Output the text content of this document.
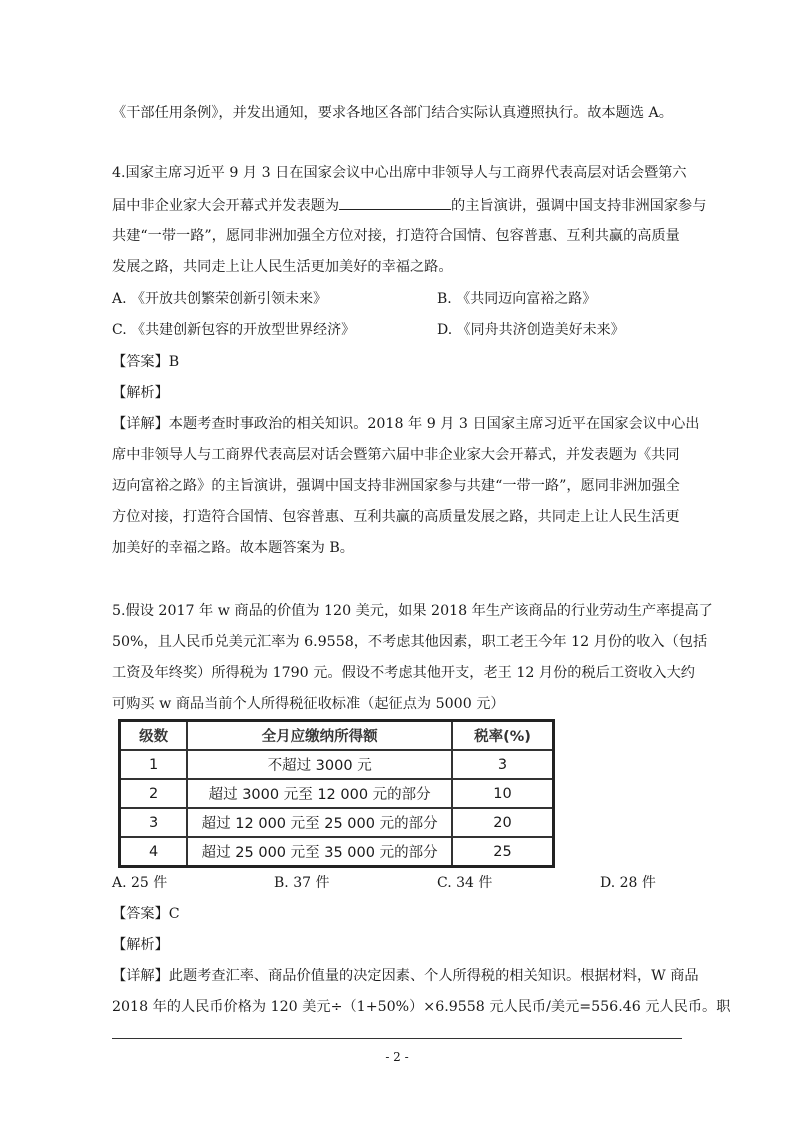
《干部任用条例》，并发出通知，要求各地区各部门结合实际认真遵照执行。故本题选 A。
4.国家主席习近平 9 月 3 日在国家会议中心出席中非领导人与工商界代表高层对话会暨第六
届中非企业家大会开幕式并发表题为	的主旨演讲，强调中国支持非洲国家参与
共建“一带一路”，愿同非洲加强全方位对接，打造符合国情、包容普惠、互利共赢的高质量
发展之路，共同走上让人民生活更加美好的幸福之路。
A. 《开放共创繁荣创新引领未来》	B. 《共同迈向富裕之路》
C. 《共建创新包容的开放型世界经济》	D. 《同舟共济创造美好未来》
【答案】B
【解析】
【详解】本题考查时事政治的相关知识。2018 年 9 月 3 日国家主席习近平在国家会议中心出
席中非领导人与工商界代表高层对话会暨第六届中非企业家大会开幕式，并发表题为《共同
迈向富裕之路》的主旨演讲，强调中国支持非洲国家参与共建“一带一路”，愿同非洲加强全
方位对接，打造符合国情、包容普惠、互利共赢的高质量发展之路，共同走上让人民生活更
加美好的幸福之路。故本题答案为 B。
5.假设 2017 年 w 商品的价值为 120 美元，如果 2018 年生产该商品的行业劳动生产率提高了
50%，且人民币兑美元汇率为 6.9558，不考虑其他因素，职工老王今年 12 月份的收入（包括
工资及年终奖）所得税为 1790 元。假设不考虑其他开支，老王 12 月份的税后工资收入大约
可购买 w 商品当前个人所得税征收标准（起征点为 5000 元）
级数	全月应缴纳所得额	税率(%)
1	不超过 3000 元	3
2	超过 3000 元至 12 000 元的部分	10
3	超过 12 000 元至 25 000 元的部分	20
4	超过 25 000 元至 35 000 元的部分	25
A. 25 件	B. 37 件	C. 34 件	D. 28 件
【答案】C
【解析】
【详解】此题考查汇率、商品价值量的决定因素、个人所得税的相关知识。根据材料，W 商品
2018 年的人民币价格为 120 美元÷（1+50%）×6.9558 元人民币/美元=556.46 元人民币。职
- 2 -
